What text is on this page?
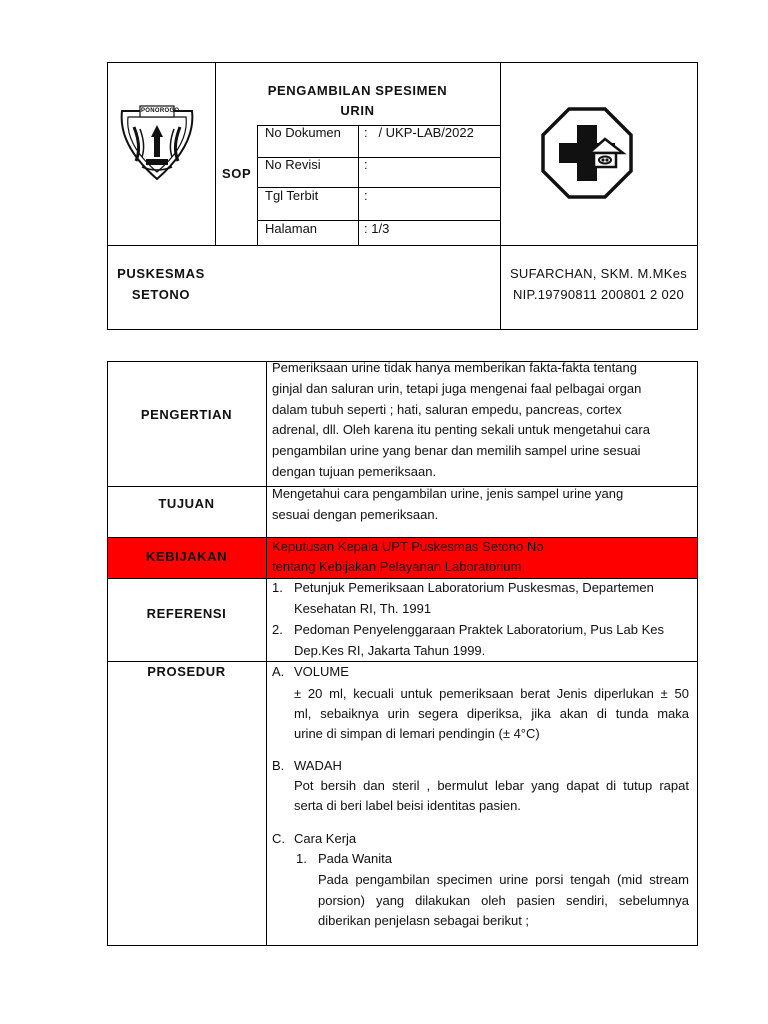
PONOROGO
PENGAMBILAN SPESIMEN
URIN
SOP
No Dokumen :   / UKP-LAB/2022
No Revisi	:
Tgl Terbit	:
Halaman	: 1/3
PUSKESMAS
SETONO
SUFARCHAN, SKM. M.MKes
NIP.19790811 200801 2 020
PENGERTIAN
Pemeriksaan urine tidak hanya memberikan fakta-fakta tentang
ginjal dan saluran urin, tetapi juga mengenai faal pelbagai organ
dalam tubuh seperti ; hati, saluran empedu, pancreas, cortex
adrenal, dll. Oleh karena itu penting sekali untuk mengetahui cara
pengambilan urine yang benar dan memilih sampel urine sesuai
dengan tujuan pemeriksaan.
TUJUAN
Mengetahui cara pengambilan urine, jenis sampel urine yang
sesuai dengan pemeriksaan.
KEBIJAKAN
Keputusan Kepala UPT Puskesmas Setono No
tentang Kebijakan Pelayanan Laboratorium
REFERENSI
1. Petunjuk Pemeriksaan Laboratorium Puskesmas, Departemen
Kesehatan RI, Th. 1991
2. Pedoman Penyelenggaraan Praktek Laboratorium, Pus Lab Kes
Dep.Kes RI, Jakarta Tahun 1999.
PROSEDUR	A. VOLUME
± 20 ml, kecuali untuk pemeriksaan berat Jenis diperlukan ± 50
ml, sebaiknya urin segera diperiksa, jika akan di tunda maka
urine di simpan di lemari pendingin (± 4°C)
B. WADAH
Pot bersih dan steril , bermulut lebar yang dapat di tutup rapat
serta di beri label beisi identitas pasien.
C. Cara Kerja
1. Pada Wanita
Pada pengambilan specimen urine porsi tengah (mid stream
porsion) yang dilakukan oleh pasien sendiri, sebelumnya
diberikan penjelasn sebagai berikut ;
